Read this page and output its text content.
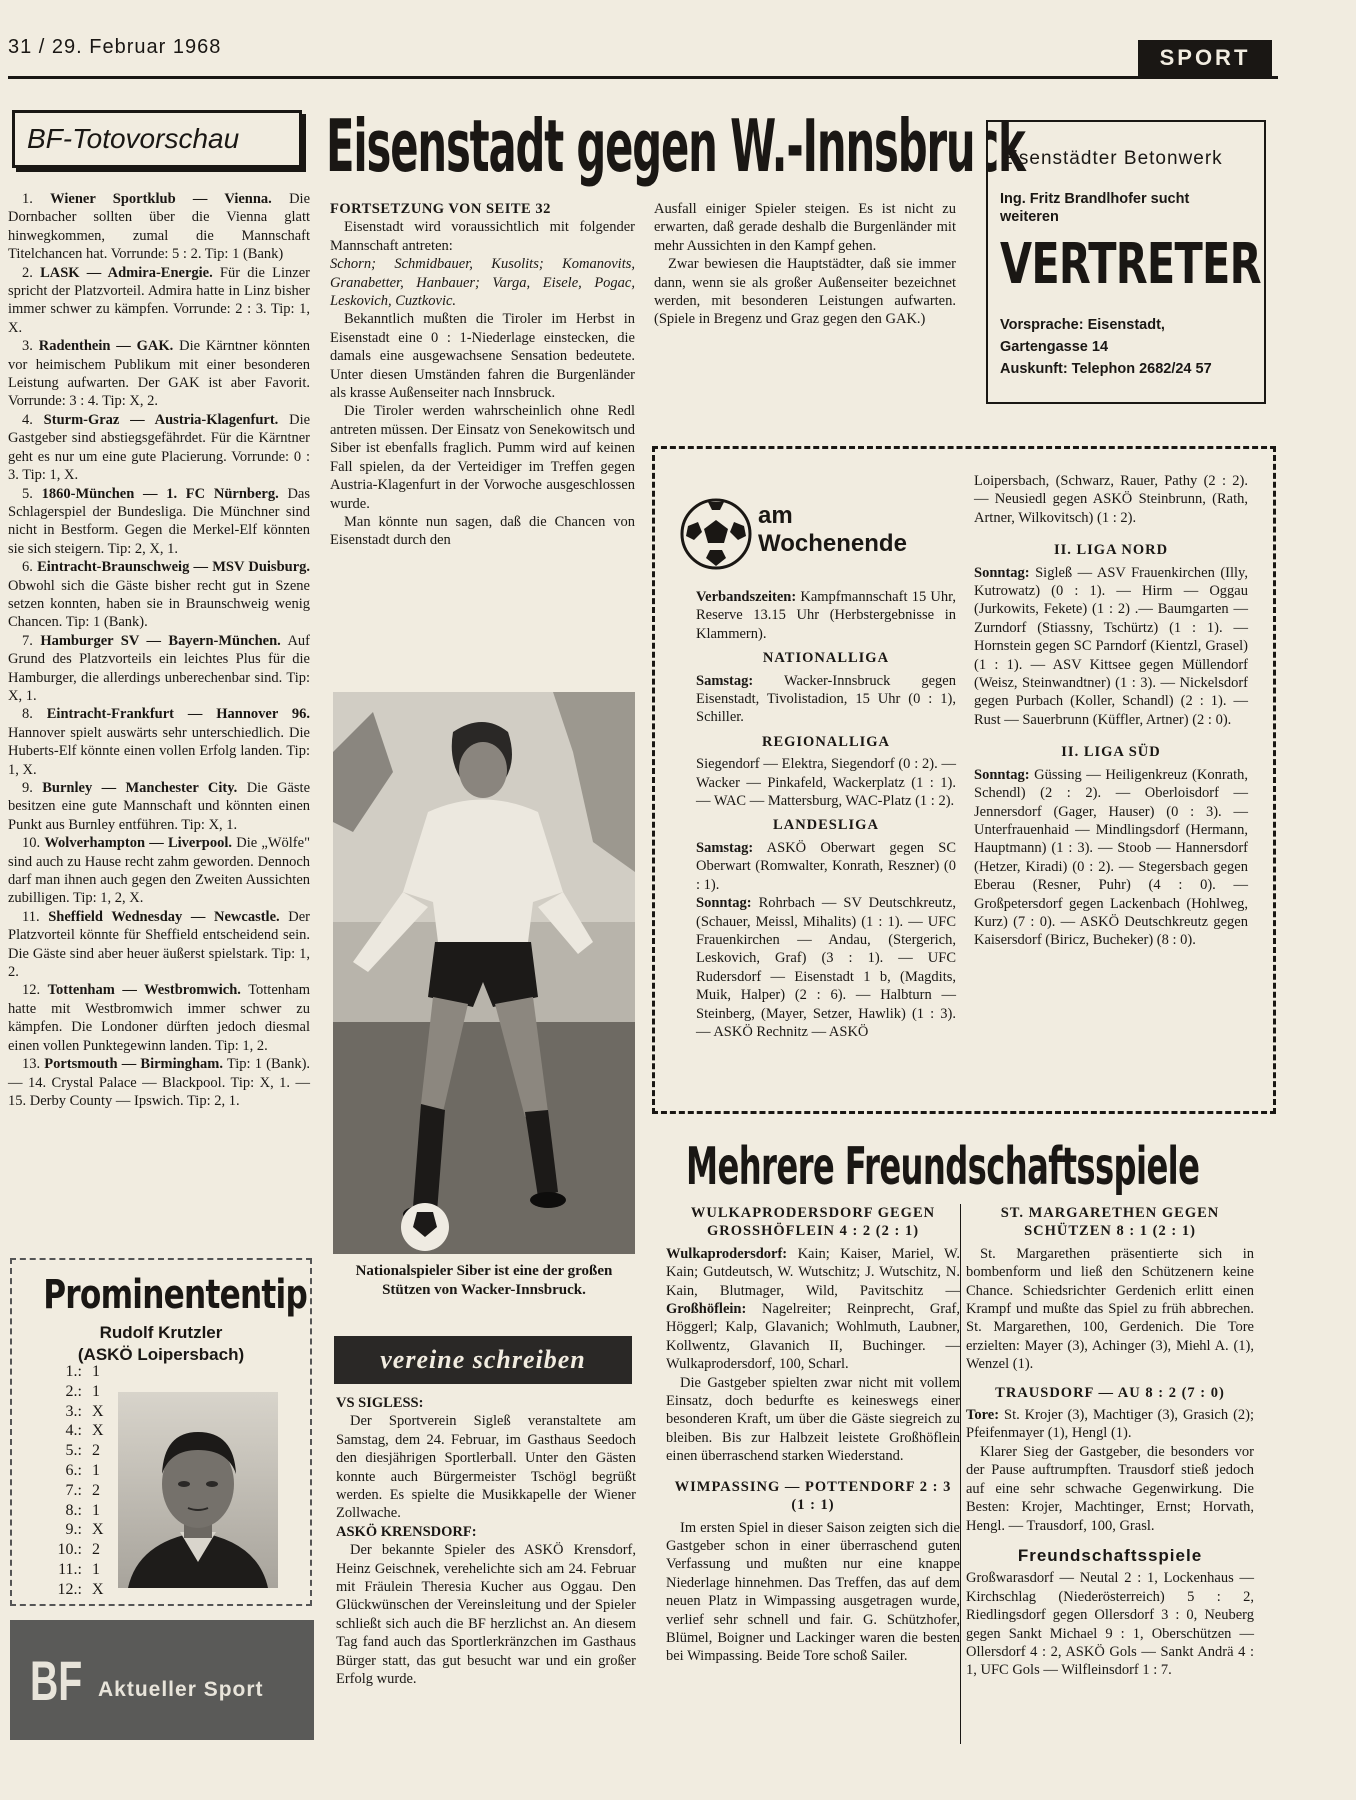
31 / 29. Februar 1968	SPORT
BF-Totovorschau

1. Wiener Sportklub — Vienna. Die Dornbacher sollten über die Vienna glatt hinwegkommen, zumal die Mannschaft Titelchancen hat. Vorrunde: 5 : 2. Tip: 1 (Bank)

2. LASK — Admira-Energie. Für die Linzer spricht der Platzvorteil. Admira hatte in Linz bisher immer schwer zu kämpfen. Vorrunde: 2 : 3. Tip: 1, X.

3. Radenthein — GAK. Die Kärntner könnten vor heimischem Publikum mit einer besonderen Leistung aufwarten. Der GAK ist aber Favorit. Vorrunde: 3 : 4. Tip: X, 2.

4. Sturm-Graz — Austria-Klagenfurt. Die Gastgeber sind abstiegsgefährdet. Für die Kärntner geht es nur um eine gute Placierung. Vorrunde: 0 : 3. Tip: 1, X.

5. 1860-München — 1. FC Nürnberg. Das Schlagerspiel der Bundesliga. Die Münchner sind nicht in Bestform. Gegen die Merkel-Elf könnten sie sich steigern. Tip: 2, X, 1.

6. Eintracht-Braunschweig — MSV Duisburg. Obwohl sich die Gäste bisher recht gut in Szene setzen konnten, haben sie in Braunschweig wenig Chancen. Tip: 1 (Bank).

7. Hamburger SV — Bayern-München. Auf Grund des Platzvorteils ein leichtes Plus für die Hamburger, die allerdings unberechenbar sind. Tip: X, 1.

8. Eintracht-Frankfurt — Hannover 96. Hannover spielt auswärts sehr unterschiedlich. Die Huberts-Elf könnte einen vollen Erfolg landen. Tip: 1, X.

9. Burnley — Manchester City. Die Gäste besitzen eine gute Mannschaft und könnten einen Punkt aus Burnley entführen. Tip: X, 1.

10. Wolverhampton — Liverpool. Die „Wölfe" sind auch zu Hause recht zahm geworden. Dennoch darf man ihnen auch gegen den Zweiten Aussichten zubilligen. Tip: 1, 2, X.

11. Sheffield Wednesday — Newcastle. Der Platzvorteil könnte für Sheffield entscheidend sein. Die Gäste sind aber heuer äußerst spielstark. Tip: 1, 2.

12. Tottenham — Westbromwich. Tottenham hatte mit Westbromwich immer schwer zu kämpfen. Die Londoner dürften jedoch diesmal einen vollen Punktegewinn landen. Tip: 1, 2.

13. Portsmouth — Birmingham. Tip: 1 (Bank). — 14. Crystal Palace — Blackpool. Tip: X, 1. — 15. Derby County — Ipswich. Tip: 2, 1.

Prominententip
Rudolf Krutzler
(ASKÖ Loipersbach)
1.: 1
2.: 1
3.: X
4.: X
5.: 2
6.: 1
7.: 2
8.: 1
9.: X
10.: 2
11.: 1
12.: X
BF Aktueller Sport
Eisenstadt gegen W.-Innsbruck

FORTSETZUNG VON SEITE 32

Eisenstadt wird voraussichtlich mit folgender Mannschaft antreten:

Schorn; Schmidbauer, Kusolits; Komanovits, Granabetter, Hanbauer; Varga, Eisele, Pogac, Leskovich, Cuztkovic.

Bekanntlich mußten die Tiroler im Herbst in Eisenstadt eine 0 : 1-Niederlage einstecken, die damals eine ausgewachsene Sensation bedeutete. Unter diesen Umständen fahren die Burgenländer als krasse Außenseiter nach Innsbruck.

Die Tiroler werden wahrscheinlich ohne Redl antreten müssen. Der Einsatz von Senekowitsch und Siber ist ebenfalls fraglich. Pumm wird auf keinen Fall spielen, da der Verteidiger im Treffen gegen Austria-Klagenfurt in der Vorwoche ausgeschlossen wurde.

Man könnte nun sagen, daß die Chancen von Eisenstadt durch den

Ausfall einiger Spieler steigen. Es ist nicht zu erwarten, daß gerade deshalb die Burgenländer mit mehr Aussichten in den Kampf gehen.

Zwar bewiesen die Hauptstädter, daß sie immer dann, wenn sie als großer Außenseiter bezeichnet werden, mit besonderen Leistungen aufwarten. (Spiele in Bregenz und Graz gegen den GAK.)

Nationalspieler Siber ist eine der großen Stützen von Wacker-Innsbruck.
vereine schreiben

VS SIGLESS:

Der Sportverein Sigleß veranstaltete am Samstag, dem 24. Februar, im Gasthaus Seedoch den diesjährigen Sportlerball. Unter den Gästen konnte auch Bürgermeister Tschögl begrüßt werden. Es spielte die Musikkapelle der Wiener Zollwache.

ASKÖ KRENSDORF:

Der bekannte Spieler des ASKÖ Krensdorf, Heinz Geischnek, verehelichte sich am 24. Februar mit Fräulein Theresia Kucher aus Oggau. Den Glückwünschen der Vereinsleitung und der Spieler schließt sich auch die BF herzlichst an. An diesem Tag fand auch das Sportlerkränzchen im Gasthaus Bürger statt, das gut besucht war und ein großer Erfolg wurde.

Eisenstädter Betonwerk
Ing. Fritz Brandlhofer sucht weiteren
VERTRETER
Vorsprache: Eisenstadt, Gartengasse 14
Auskunft: Telephon 2682/24 57
am
Wochenende

Verbandszeiten: Kampfmannschaft 15 Uhr, Reserve 13.15 Uhr (Herbstergebnisse in Klammern).

NATIONALLIGA

Samstag: Wacker-Innsbruck gegen Eisenstadt, Tivolistadion, 15 Uhr (0 : 1), Schiller.

REGIONALLIGA

Siegendorf — Elektra, Siegendorf (0 : 2). — Wacker — Pinkafeld, Wackerplatz (1 : 1). — WAC — Mattersburg, WAC-Platz (1 : 2).

LANDESLIGA

Samstag: ASKÖ Oberwart gegen SC Oberwart (Romwalter, Konrath, Reszner) (0 : 1).

Sonntag: Rohrbach — SV Deutschkreutz, (Schauer, Meissl, Mihalits) (1 : 1). — UFC Frauenkirchen — Andau, (Stergerich, Leskovich, Graf) (3 : 1). — UFC Rudersdorf — Eisenstadt 1 b, (Magdits, Muik, Halper) (2 : 6). — Halbturn — Steinberg, (Mayer, Setzer, Hawlik) (1 : 3). — ASKÖ Rechnitz — ASKÖ

Loipersbach, (Schwarz, Rauer, Pathy (2 : 2). — Neusiedl gegen ASKÖ Steinbrunn, (Rath, Artner, Wilkovitsch) (1 : 2).

II. LIGA NORD

Sonntag: Sigleß — ASV Frauenkirchen (Illy, Kutrowatz) (0 : 1). — Hirm — Oggau (Jurkowits, Fekete) (1 : 2) .— Baumgarten — Zurndorf (Stiassny, Tschürtz) (1 : 1). — Hornstein gegen SC Parndorf (Kientzl, Grasel) (1 : 1). — ASV Kittsee gegen Müllendorf (Weisz, Steinwandtner) (1 : 3). — Nickelsdorf gegen Purbach (Koller, Schandl) (2 : 1). — Rust — Sauerbrunn (Küffler, Artner) (2 : 0).

II. LIGA SÜD

Sonntag: Güssing — Heiligenkreuz (Konrath, Schendl) (2 : 2). — Oberloisdorf — Jennersdorf (Gager, Hauser) (0 : 3). — Unterfrauenhaid — Mindlingsdorf (Hermann, Hauptmann) (1 : 3). — Stoob — Hannersdorf (Hetzer, Kiradi) (0 : 2). — Stegersbach gegen Eberau (Resner, Puhr) (4 : 0). — Großpetersdorf gegen Lackenbach (Hohlweg, Kurz) (7 : 0). — ASKÖ Deutschkreutz gegen Kaisersdorf (Biricz, Bucheker) (8 : 0).

Mehrere Freundschaftsspiele

WULKAPRODERSDORF GEGEN GROSSHÖFLEIN 4 : 2 (2 : 1)

Wulkaprodersdorf: Kain; Kaiser, Mariel, W. Kain; Gutdeutsch, W. Wutschitz; J. Wutschitz, N. Kain, Blutmager, Wild, Pavitschitz — Großhöflein: Nagelreiter; Reinprecht, Graf, Höggerl; Kalp, Glavanich; Wohlmuth, Laubner, Kollwentz, Glavanich II, Buchinger. — Wulkaprodersdorf, 100, Scharl.

Die Gastgeber spielten zwar nicht mit vollem Einsatz, doch bedurfte es keineswegs einer besonderen Kraft, um über die Gäste siegreich zu bleiben. Bis zur Halbzeit leistete Großhöflein einen überraschend starken Wiederstand.

WIMPASSING — POTTENDORF 2 : 3 (1 : 1)

Im ersten Spiel in dieser Saison zeigten sich die Gastgeber schon in einer überraschend guten Verfassung und mußten nur eine knappe Niederlage hinnehmen. Das Treffen, das auf dem neuen Platz in Wimpassing ausgetragen wurde, verlief sehr schnell und fair. G. Schützhofer, Blümel, Boigner und Lackinger waren die besten bei Wimpassing. Beide Tore schoß Sailer.

ST. MARGARETHEN GEGEN SCHÜTZEN 8 : 1 (2 : 1)

St. Margarethen präsentierte sich in bombenform und ließ den Schützenern keine Chance. Schiedsrichter Gerdenich erlitt einen Krampf und mußte das Spiel zu früh abbrechen. St. Margarethen, 100, Gerdenich. Die Tore erzielten: Mayer (3), Achinger (3), Miehl A. (1), Wenzel (1).

TRAUSDORF — AU 8 : 2 (7 : 0)

Tore: St. Krojer (3), Machtiger (3), Grasich (2); Pfeifenmayer (1), Hengl (1).

Klarer Sieg der Gastgeber, die besonders vor der Pause auftrumpften. Trausdorf stieß jedoch auf eine sehr schwache Gegenwirkung. Die Besten: Krojer, Machtinger, Ernst; Horvath, Hengl. — Trausdorf, 100, Grasl.

Freundschaftsspiele

Großwarasdorf — Neutal 2 : 1, Lockenhaus — Kirchschlag (Niederösterreich) 5 : 2, Riedlingsdorf gegen Ollersdorf 3 : 0, Neuberg gegen Sankt Michael 9 : 1, Oberschützen — Ollersdorf 4 : 2, ASKÖ Gols — Sankt Andrä 4 : 1, UFC Gols — Wilfleinsdorf 1 : 7.
